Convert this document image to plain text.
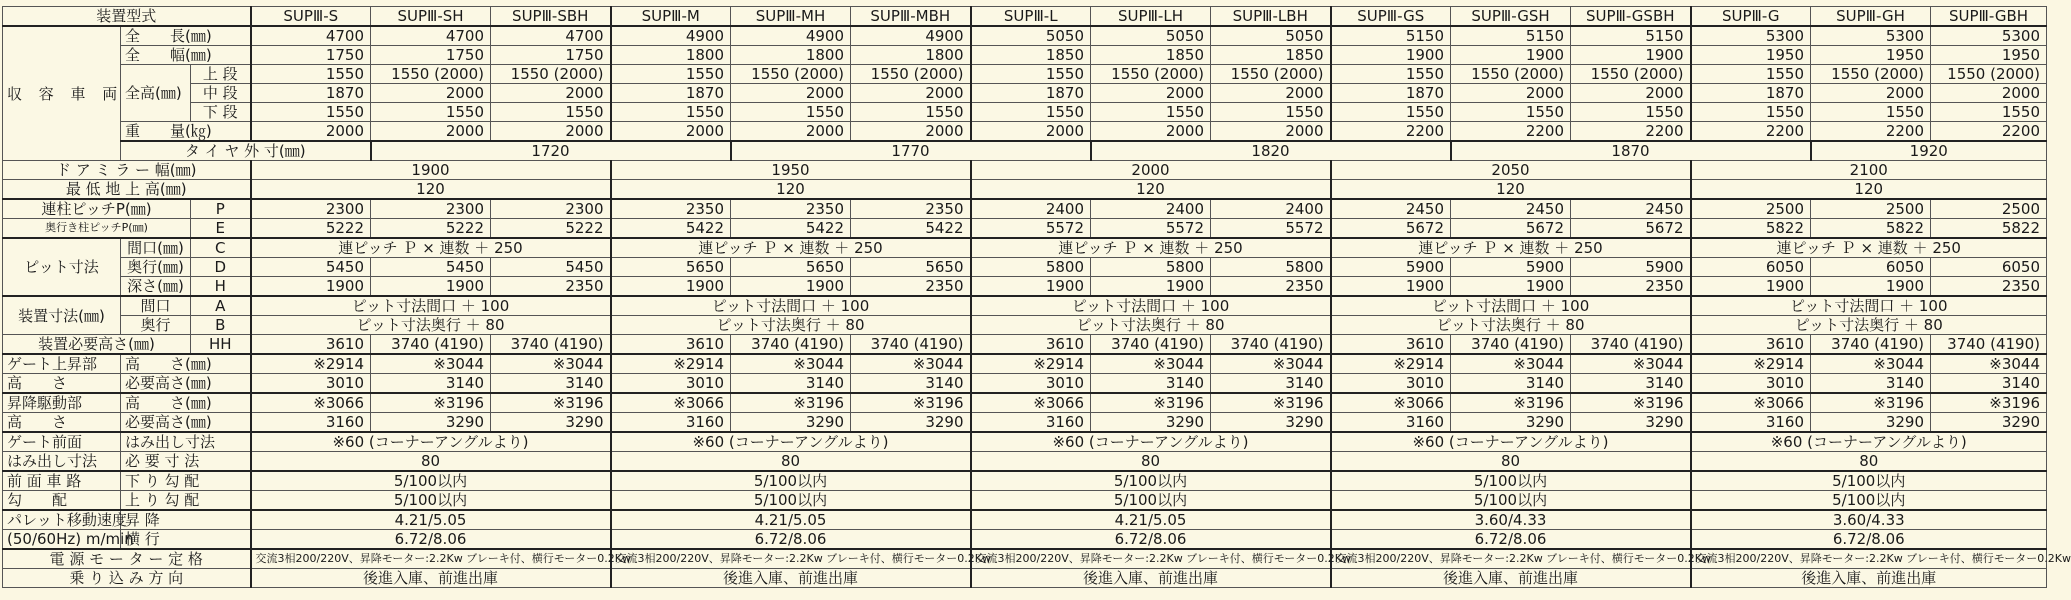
装置型式			SUPⅢ-S	SUPⅢ-SH	SUPⅢ-SBH	SUPⅢ-M	SUPⅢ-MH	SUPⅢ-MBH	SUPⅢ-L	SUPⅢ-LH	SUPⅢ-LBH	SUPⅢ-GS	SUPⅢ-GSH	SUPⅢ-GSBH	SUPⅢ-G	SUPⅢ-GH	SUPⅢ-GBH
収 容 車 両	全　　長(㎜)		4700	4700	4700	4900	4900	4900	5050	5050	5050	5150	5150	5150	5300	5300	5300
	全　　幅(㎜)		1750	1750	1750	1800	1800	1800	1850	1850	1850	1900	1900	1900	1950	1950	1950
	全高(㎜)	上 段	1550	1550 (2000)	1550 (2000)	1550	1550 (2000)	1550 (2000)	1550	1550 (2000)	1550 (2000)	1550	1550 (2000)	1550 (2000)	1550	1550 (2000)	1550 (2000)
		中 段	1870	2000	2000	1870	2000	2000	1870	2000	2000	1870	2000	2000	1870	2000	2000
		下 段	1550	1550	1550	1550	1550	1550	1550	1550	1550	1550	1550	1550	1550	1550	1550
	重　　量(㎏)		2000	2000	2000	2000	2000	2000	2000	2000	2000	2200	2200	2200	2200	2200	2200
	タ イ ヤ 外 寸(㎜)			1720			1770			1820			1870			1920	
ド ア ミ ラ ー 幅(㎜)			1900			1950			2000			2050			2100		
最 低 地 上 高(㎜)			120			120			120			120			120		
連柱ピッチP(㎜)		P	2300	2300	2300	2350	2350	2350	2400	2400	2400	2450	2450	2450	2500	2500	2500
奥行き柱ピッチP(㎜)		E	5222	5222	5222	5422	5422	5422	5572	5572	5572	5672	5672	5672	5822	5822	5822
ピット寸法	間口(㎜)	C	連ピッチ Ｐ × 連数 ＋ 250			連ピッチ Ｐ × 連数 ＋ 250			連ピッチ Ｐ × 連数 ＋ 250			連ピッチ Ｐ × 連数 ＋ 250			連ピッチ Ｐ × 連数 ＋ 250		
	奥行(㎜)	D	5450	5450	5450	5650	5650	5650	5800	5800	5800	5900	5900	5900	6050	6050	6050
	深さ(㎜)	H	1900	1900	2350	1900	1900	2350	1900	1900	2350	1900	1900	2350	1900	1900	2350
装置寸法(㎜)	間口	A	ピット寸法間口 ＋ 100			ピット寸法間口 ＋ 100			ピット寸法間口 ＋ 100			ピット寸法間口 ＋ 100			ピット寸法間口 ＋ 100		
	奥行	B	ピット寸法奥行 ＋ 80			ピット寸法奥行 ＋ 80			ピット寸法奥行 ＋ 80			ピット寸法奥行 ＋ 80			ピット寸法奥行 ＋ 80		
装置必要高さ(㎜)		HH	3610	3740 (4190)	3740 (4190)	3610	3740 (4190)	3740 (4190)	3610	3740 (4190)	3740 (4190)	3610	3740 (4190)	3740 (4190)	3610	3740 (4190)	3740 (4190)
ゲート上昇部	高　　さ(㎜)		※2914	※3044	※3044	※2914	※3044	※3044	※2914	※3044	※3044	※2914	※3044	※3044	※2914	※3044	※3044
高　　さ	必要高さ(㎜)		3010	3140	3140	3010	3140	3140	3010	3140	3140	3010	3140	3140	3010	3140	3140
昇降駆動部	高　　さ(㎜)		※3066	※3196	※3196	※3066	※3196	※3196	※3066	※3196	※3196	※3066	※3196	※3196	※3066	※3196	※3196
高　　さ	必要高さ(㎜)		3160	3290	3290	3160	3290	3290	3160	3290	3290	3160	3290	3290	3160	3290	3290
ゲート前面	はみ出し寸法		※60 (コーナーアングルより)			※60 (コーナーアングルより)			※60 (コーナーアングルより)			※60 (コーナーアングルより)			※60 (コーナーアングルより)		
はみ出し寸法	必 要 寸 法		80			80			80			80			80		
前 面 車 路	下 り 勾 配		5/100以内			5/100以内			5/100以内			5/100以内			5/100以内		
勾　　配	上 り 勾 配		5/100以内			5/100以内			5/100以内			5/100以内			5/100以内		
パレット移動速度	昇 降		4.21/5.05			4.21/5.05			4.21/5.05			3.60/4.33			3.60/4.33		
(50/60Hz) m/min	横 行		6.72/8.06			6.72/8.06			6.72/8.06			6.72/8.06			6.72/8.06		
電 源 モ ー タ ー 定 格			交流3相200/220V、昇降モーター:2.2Kw ブレーキ付、横行モーター0.2Kw			交流3相200/220V、昇降モーター:2.2Kw ブレーキ付、横行モーター0.2Kw			交流3相200/220V、昇降モーター:2.2Kw ブレーキ付、横行モーター0.2Kw			交流3相200/220V、昇降モーター:2.2Kw ブレーキ付、横行モーター0.2Kw			交流3相200/220V、昇降モーター:2.2Kw ブレーキ付、横行モーター0.2Kw		
乗 り 込 み 方 向			後進入庫、前進出庫			後進入庫、前進出庫			後進入庫、前進出庫			後進入庫、前進出庫			後進入庫、前進出庫		
